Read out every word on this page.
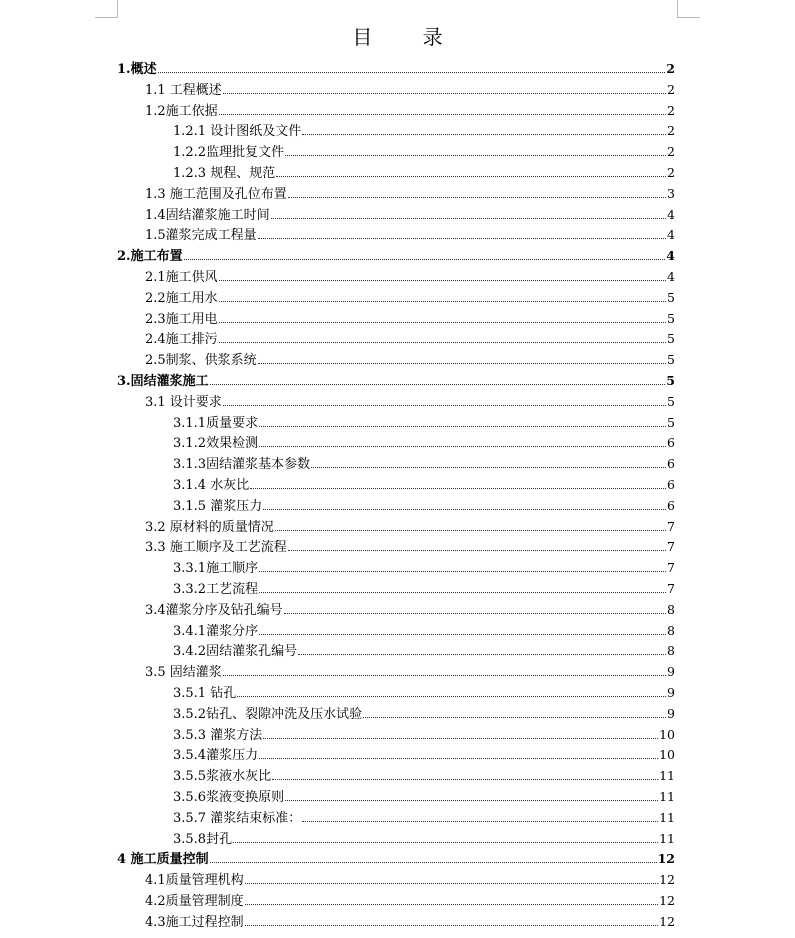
目 录
1.概述	2
1.1 工程概述	2
1.2施工依据	2
1.2.1 设计图纸及文件	2
1.2.2监理批复文件	2
1.2.3 规程、规范	2
1.3 施工范围及孔位布置	3
1.4固结灌浆施工时间	4
1.5灌浆完成工程量	4
2.施工布置	4
2.1施工供风	4
2.2施工用水	5
2.3施工用电	5
2.4施工排污	5
2.5制浆、供浆系统	5
3.固结灌浆施工	5
3.1 设计要求	5
3.1.1质量要求	5
3.1.2效果检测	6
3.1.3固结灌浆基本参数	6
3.1.4 水灰比	6
3.1.5 灌浆压力	6
3.2 原材料的质量情况	7
3.3 施工顺序及工艺流程	7
3.3.1施工顺序	7
3.3.2工艺流程	7
3.4灌浆分序及钻孔编号	8
3.4.1灌浆分序	8
3.4.2固结灌浆孔编号	8
3.5 固结灌浆	9
3.5.1 钻孔	9
3.5.2钻孔、裂隙冲洗及压水试验	9
3.5.3 灌浆方法	10
3.5.4灌浆压力	10
3.5.5浆液水灰比	11
3.5.6浆液变换原则	11
3.5.7 灌浆结束标准：	11
3.5.8封孔	11
4 施工质量控制	12
4.1质量管理机构	12
4.2质量管理制度	12
4.3施工过程控制	12
